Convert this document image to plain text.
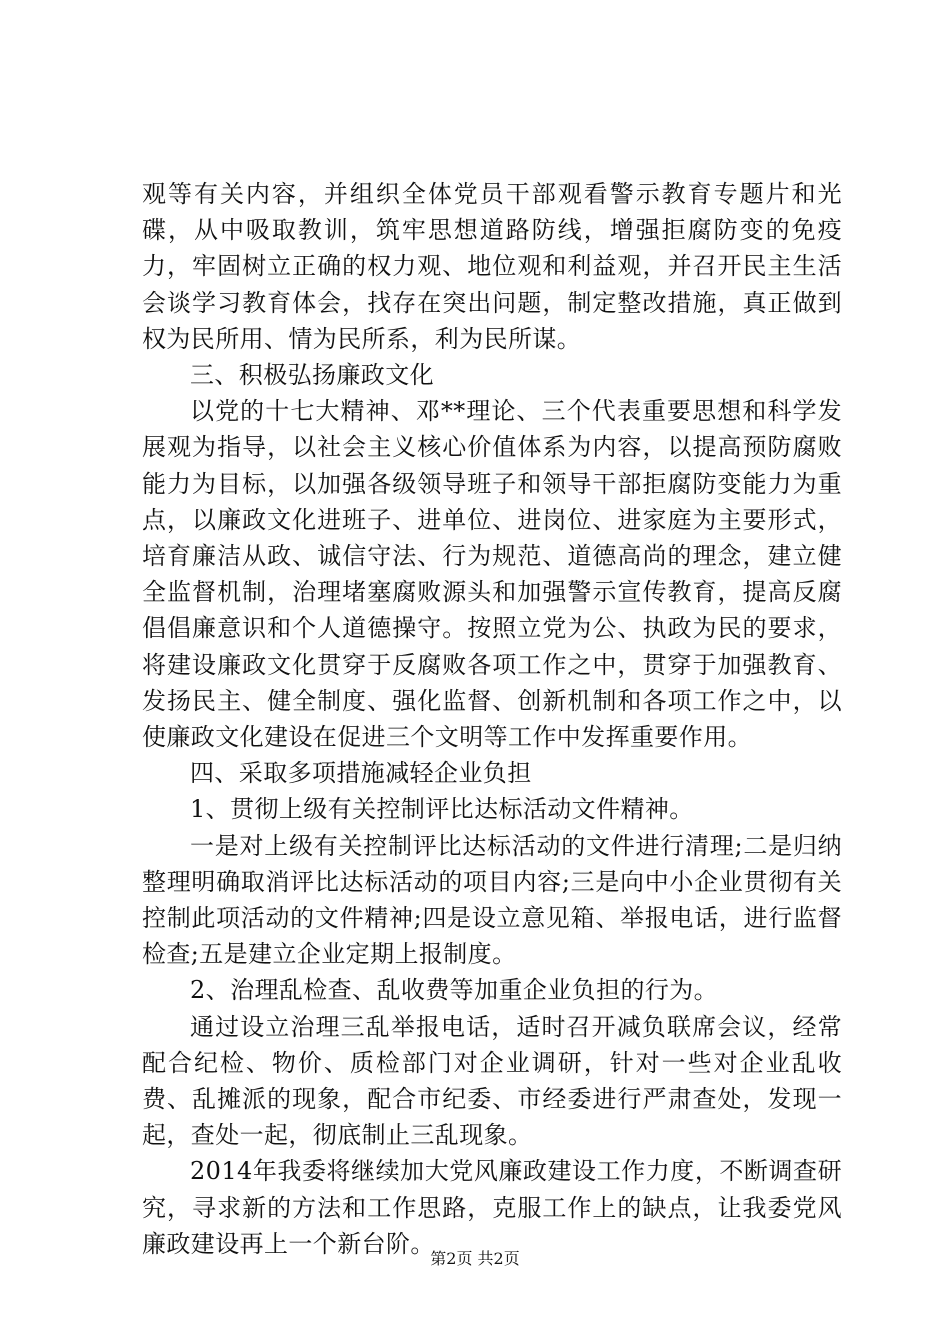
观等有关内容，并组织全体党员干部观看警示教育专题片和光碟，从中吸取教训，筑牢思想道路防线，增强拒腐防变的免疫力，牢固树立正确的权力观、地位观和利益观，并召开民主生活会谈学习教育体会，找存在突出问题，制定整改措施，真正做到权为民所用、情为民所系，利为民所谋。

三、积极弘扬廉政文化

以党的十七大精神、邓**理论、三个代表重要思想和科学发展观为指导，以社会主义核心价值体系为内容，以提高预防腐败能力为目标，以加强各级领导班子和领导干部拒腐防变能力为重点，以廉政文化进班子、进单位、进岗位、进家庭为主要形式，培育廉洁从政、诚信守法、行为规范、道德高尚的理念，建立健全监督机制，治理堵塞腐败源头和加强警示宣传教育，提高反腐倡倡廉意识和个人道德操守。按照立党为公、执政为民的要求，将建设廉政文化贯穿于反腐败各项工作之中，贯穿于加强教育、发扬民主、健全制度、强化监督、创新机制和各项工作之中，以使廉政文化建设在促进三个文明等工作中发挥重要作用。

四、采取多项措施减轻企业负担

1、贯彻上级有关控制评比达标活动文件精神。

一是对上级有关控制评比达标活动的文件进行清理;二是归纳整理明确取消评比达标活动的项目内容;三是向中小企业贯彻有关控制此项活动的文件精神;四是设立意见箱、举报电话，进行监督检查;五是建立企业定期上报制度。

2、治理乱检查、乱收费等加重企业负担的行为。

通过设立治理三乱举报电话，适时召开减负联席会议，经常配合纪检、物价、质检部门对企业调研，针对一些对企业乱收费、乱摊派的现象，配合市纪委、市经委进行严肃查处，发现一起，查处一起，彻底制止三乱现象。

2014年我委将继续加大党风廉政建设工作力度，不断调查研究，寻求新的方法和工作思路，克服工作上的缺点，让我委党风廉政建设再上一个新台阶。

第2页 共2页
